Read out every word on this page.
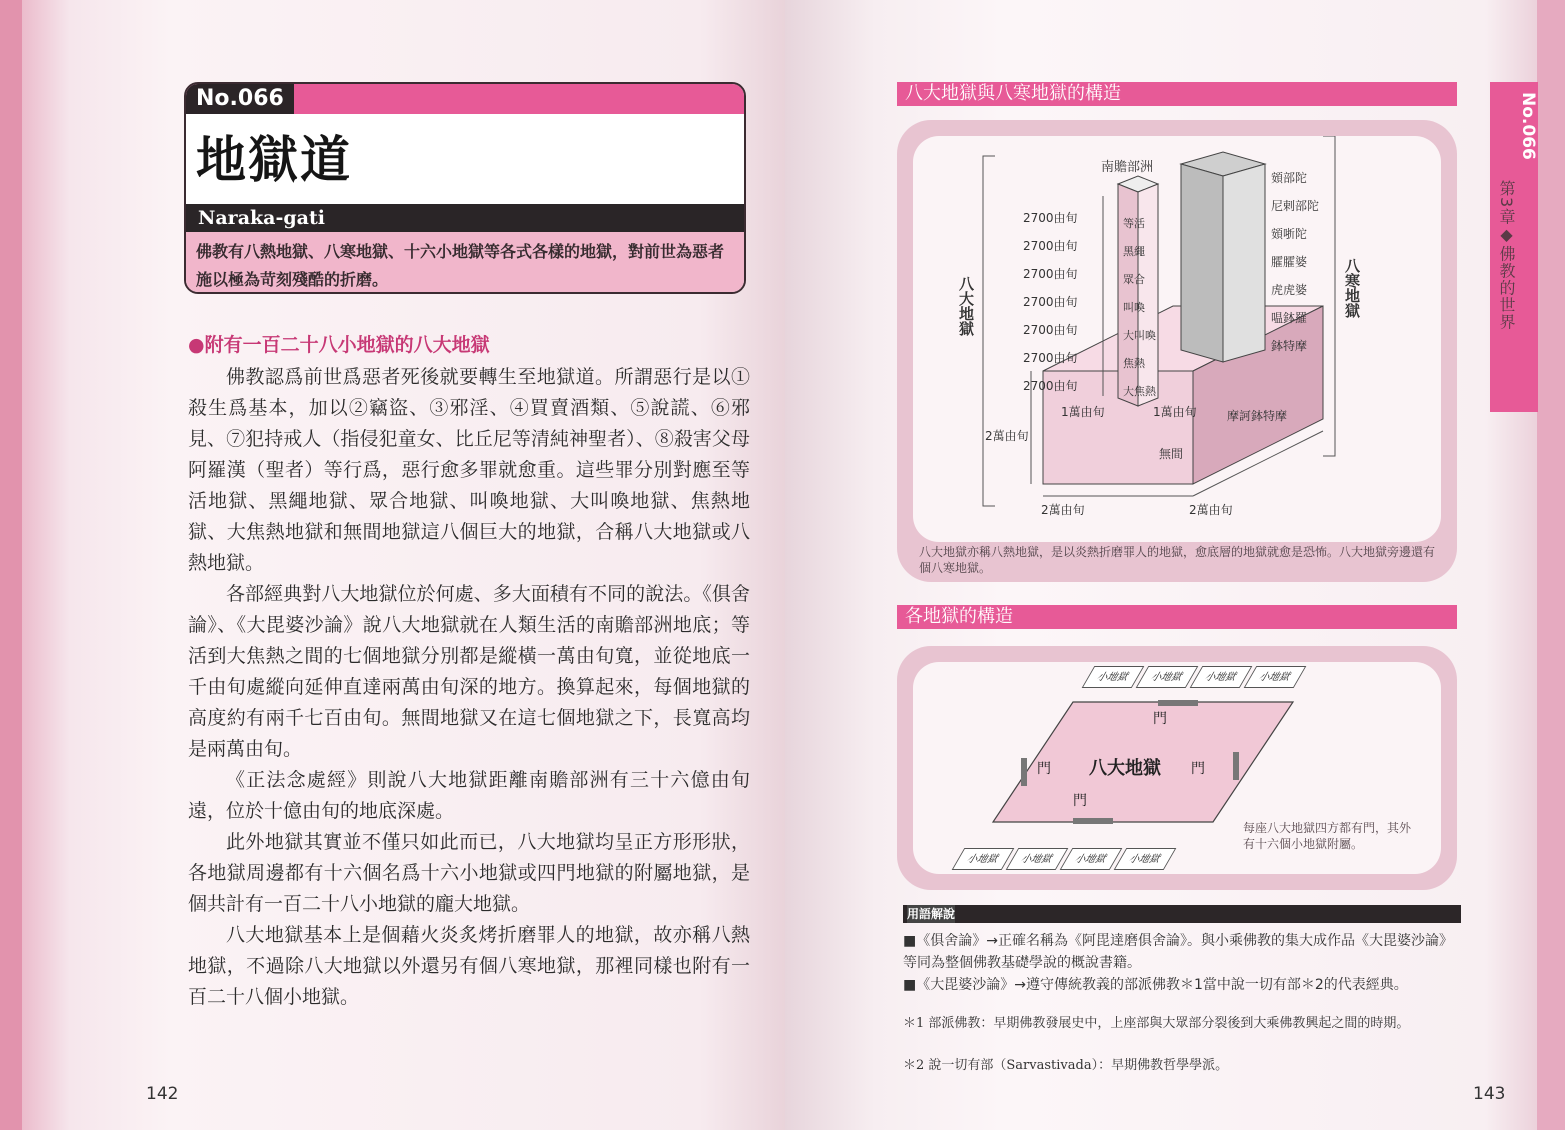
No.066
地獄道
Naraka-gati
佛教有八熱地獄、八寒地獄、十六小地獄等各式各樣的地獄，對前世為惡者施以極為苛刻殘酷的折磨。
●附有一百二十八小地獄的八大地獄

佛教認爲前世爲惡者死後就要轉生至地獄道。所謂惡行是以①殺生爲基本，加以②竊盜、③邪淫、④買賣酒類、⑤說謊、⑥邪見、⑦犯持戒人（指侵犯童女、比丘尼等清純神聖者）、⑧殺害父母阿羅漢（聖者）等行爲，惡行愈多罪就愈重。這些罪分別對應至等活地獄、黑繩地獄、眾合地獄、叫喚地獄、大叫喚地獄、焦熱地獄、大焦熱地獄和無間地獄這八個巨大的地獄，合稱八大地獄或八熱地獄。

各部經典對八大地獄位於何處、多大面積有不同的說法。《俱舍論》、《大毘婆沙論》說八大地獄就在人類生活的南贍部洲地底；等活到大焦熱之間的七個地獄分別都是縱橫一萬由旬寬，並從地底一千由旬處縱向延伸直達兩萬由旬深的地方。換算起來，每個地獄的高度約有兩千七百由旬。無間地獄又在這七個地獄之下，長寬高均是兩萬由旬。

《正法念處經》則說八大地獄距離南贍部洲有三十六億由旬遠，位於十億由旬的地底深處。

此外地獄其實並不僅只如此而已，八大地獄均呈正方形形狀，各地獄周邊都有十六個名爲十六小地獄或四門地獄的附屬地獄，是個共計有一百二十八小地獄的龐大地獄。

八大地獄基本上是個藉火炎炙烤折磨罪人的地獄，故亦稱八熱地獄，不過除八大地獄以外還另有個八寒地獄，那裡同樣也附有一百二十八個小地獄。

142
八大地獄與八寒地獄的構造
南贍部洲
八大地獄	八寒地獄
等活
黑繩
眾合
叫喚
大叫喚
焦熱
大焦熱
2700由旬
2700由旬
2700由旬
2700由旬
2700由旬
2700由旬
2700由旬
頞部陀
尼剌部陀
頞哳陀
臛臛婆
虎虎婆
嗢鉢羅
鉢特摩
摩訶鉢特摩
無間
1萬由旬	1萬由旬
2萬由旬
2萬由旬	2萬由旬
八大地獄亦稱八熱地獄，是以炎熱折磨罪人的地獄，愈底層的地獄就愈是恐怖。八大地獄旁邊還有個八寒地獄。
各地獄的構造
小地獄	小地獄	小地獄	小地獄
小地獄	小地獄	小地獄	小地獄
八大地獄
門
門
門	門
每座八大地獄四方都有門，其外有十六個小地獄附屬。
No.066
第3章◆佛教的世界
用語解說
■《俱舍論》→正確名稱為《阿毘達磨俱舍論》。與小乘佛教的集大成作品《大毘婆沙論》等同為整個佛教基礎學說的概說書籍。
■《大毘婆沙論》→遵守傳統教義的部派佛教＊1當中說一切有部＊2的代表經典。
＊1 部派佛教：早期佛教發展史中，上座部與大眾部分裂後到大乘佛教興起之間的時期。
＊2 說一切有部（Sarvastivada）：早期佛教哲學學派。
143
